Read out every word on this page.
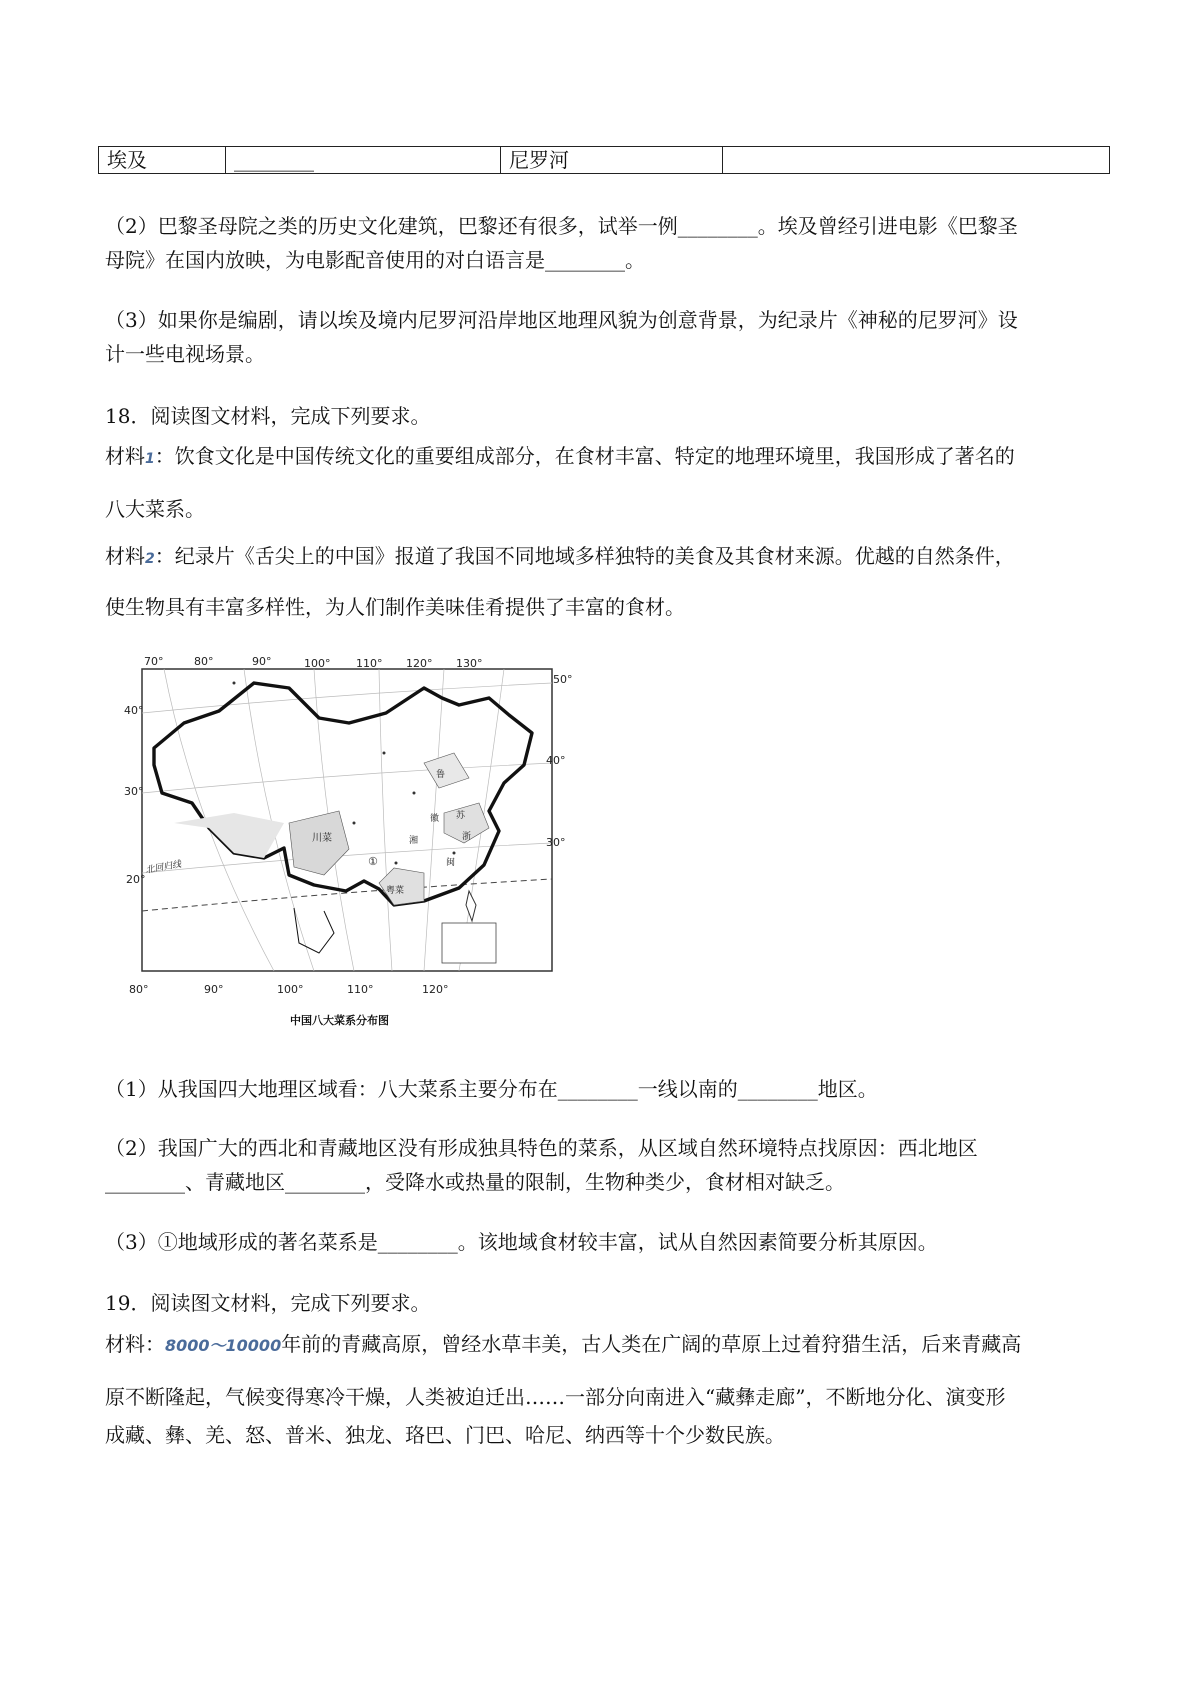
埃及	________	尼罗河	
（2）巴黎圣母院之类的历史文化建筑，巴黎还有很多，试举一例________。埃及曾经引进电影《巴黎圣
母院》在国内放映，为电影配音使用的对白语言是________。
（3）如果你是编剧，请以埃及境内尼罗河沿岸地区地理风貌为创意背景，为纪录片《神秘的尼罗河》设
计一些电视场景。
18．阅读图文材料，完成下列要求。
材料1：饮食文化是中国传统文化的重要组成部分，在食材丰富、特定的地理环境里，我国形成了著名的
八大菜系。
材料2：纪录片《舌尖上的中国》报道了我国不同地域多样独特的美食及其食材来源。优越的自然条件，
使生物具有丰富多样性，为人们制作美味佳肴提供了丰富的食材。
70°	80°	90°	100° 110° 120° 130°
80°	90°	100°	110°	120°
40°
30°
20°
50°
40°
30°
北回归线
川菜
①
粤菜
鲁
苏
浙
徽
闽
湘
中国八大菜系分布图
（1）从我国四大地理区域看：八大菜系主要分布在________一线以南的________地区。
（2）我国广大的西北和青藏地区没有形成独具特色的菜系，从区域自然环境特点找原因：西北地区
________、青藏地区________，受降水或热量的限制，生物种类少，食材相对缺乏。
（3）①地域形成的著名菜系是________。该地域食材较丰富，试从自然因素简要分析其原因。
19．阅读图文材料，完成下列要求。
材料：8000～10000年前的青藏高原，曾经水草丰美，古人类在广阔的草原上过着狩猎生活，后来青藏高
原不断隆起，气候变得寒冷干燥，人类被迫迁出……一部分向南进入“藏彝走廊”，不断地分化、演变形
成藏、彝、羌、怒、普米、独龙、珞巴、门巴、哈尼、纳西等十个少数民族。
